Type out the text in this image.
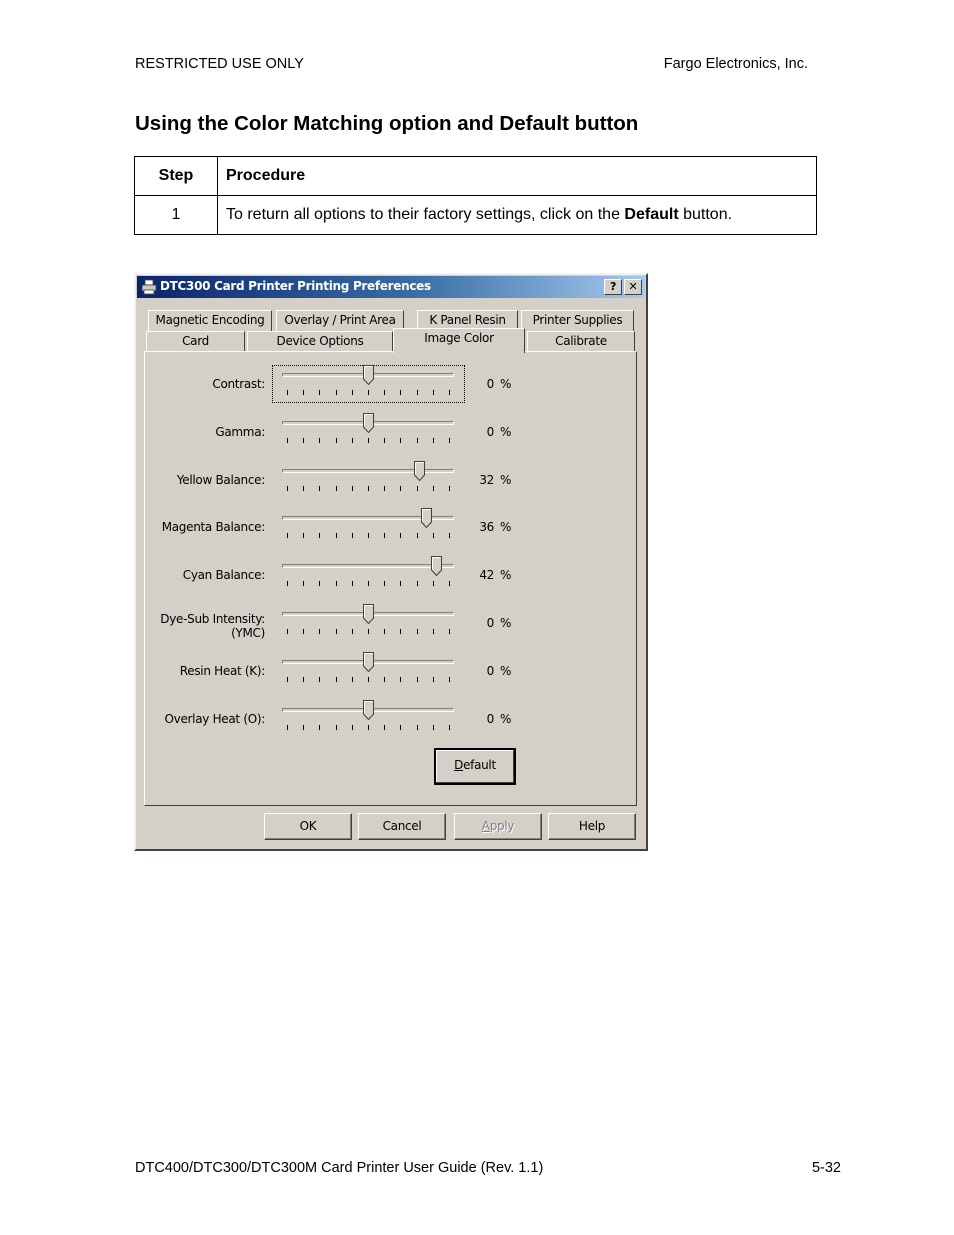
RESTRICTED USE ONLY	Fargo Electronics, Inc.
Using the Color Matching option and Default button
Step	Procedure
1	To return all options to their factory settings, click on the Default button.
DTC300 Card Printer Printing Preferences	?	✕
Magnetic Encoding	Overlay / Print Area	K Panel Resin	Printer Supplies
Card	Device Options	Image Color	Calibrate
Contrast:	0 %
Gamma:	0 %
Yellow Balance:	32 %
Magenta Balance:	36 %
Cyan Balance:	42 %
Dye-Sub Intensity:
(YMC)
0 %
Resin Heat (K):	0 %
Overlay Heat (O):	0 %
Default
OK	Cancel	Apply	Help
DTC400/DTC300/DTC300M Card Printer User Guide (Rev. 1.1)	5-32
